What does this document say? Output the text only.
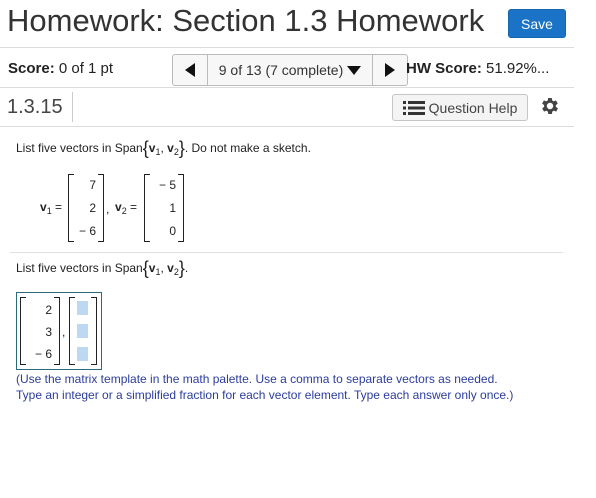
Homework: Section 1.3 Homework	Save
Score: 0 of 1 pt	9 of 13 (7 complete)	HW Score: 51.92%...
1.3.15	Question Help
List five vectors in $Span\{v_1$, $v_2$}. Do not make a sketch.
$v_1$ =
7
2
− 6
, $v_2$ =
− 5
1
0
List five vectors in $Span\{v_1$, $v_2$}.
2
3
− 6
,
(Use the matrix template in the math palette. Use a comma to separate vectors as needed.
Type an integer or a simplified fraction for each vector element. Type each answer only once.)
